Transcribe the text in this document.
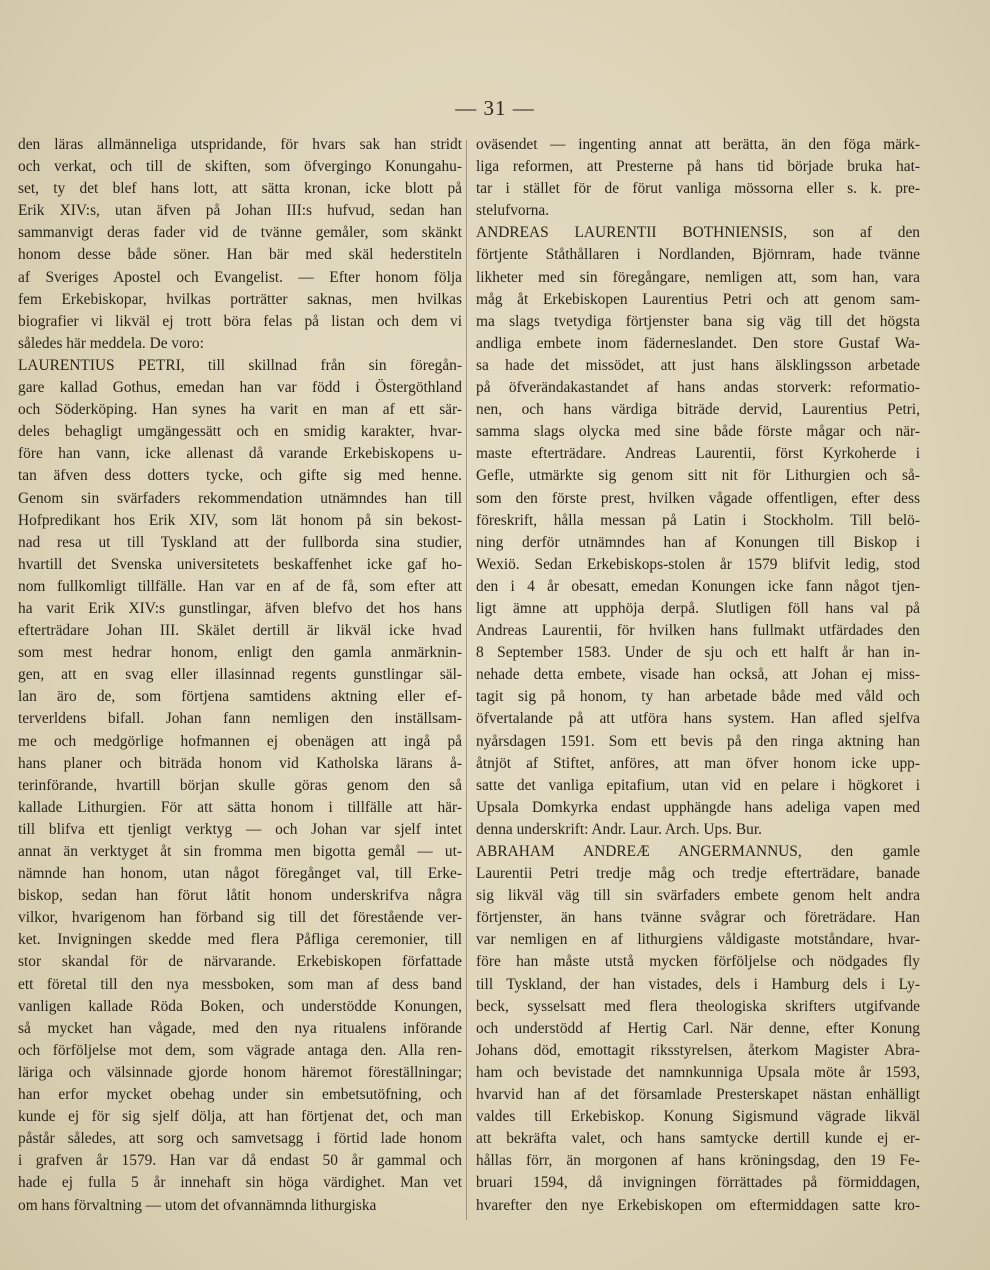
— 31 —
den läras allmänneliga utspridande, för hvars sak han stridt
och verkat, och till de skiften, som öfvergingo Konungahu-
set, ty det blef hans lott, att sätta kronan, icke blott på
Erik XIV:s, utan äfven på Johan III:s hufvud, sedan han
sammanvigt deras fader vid de tvänne gemåler, som skänkt
honom desse både söner. Han bär med skäl hederstiteln
af Sveriges Apostel och Evangelist. — Efter honom följa
fem Erkebiskopar, hvilkas porträtter saknas, men hvilkas
biografier vi likväl ej trott böra felas på listan och dem vi
således här meddela. De voro:
LAURENTIUS PETRI, till skillnad från sin föregån-
gare kallad Gothus, emedan han var född i Östergöthland
och Söderköping. Han synes ha varit en man af ett sär-
deles behagligt umgängessätt och en smidig karakter, hvar-
före han vann, icke allenast då varande Erkebiskopens u-
tan äfven dess dotters tycke, och gifte sig med henne.
Genom sin svärfaders rekommendation utnämndes han till
Hofpredikant hos Erik XIV, som lät honom på sin bekost-
nad resa ut till Tyskland att der fullborda sina studier,
hvartill det Svenska universitetets beskaffenhet icke gaf ho-
nom fullkomligt tillfälle. Han var en af de få, som efter att
ha varit Erik XIV:s gunstlingar, äfven blefvo det hos hans
efterträdare Johan III. Skälet dertill är likväl icke hvad
som mest hedrar honom, enligt den gamla anmärknin-
gen, att en svag eller illasinnad regents gunstlingar säl-
lan äro de, som förtjena samtidens aktning eller ef-
terverldens bifall. Johan fann nemligen den inställsam-
me och medgörlige hofmannen ej obenägen att ingå på
hans planer och biträda honom vid Katholska lärans å-
terinförande, hvartill början skulle göras genom den så
kallade Lithurgien. För att sätta honom i tillfälle att här-
till blifva ett tjenligt verktyg — och Johan var sjelf intet
annat än verktyget åt sin fromma men bigotta gemål — ut-
nämnde han honom, utan något föregånget val, till Erke-
biskop, sedan han förut låtit honom underskrifva några
vilkor, hvarigenom han förband sig till det förestående ver-
ket. Invigningen skedde med flera Påfliga ceremonier, till
stor skandal för de närvarande. Erkebiskopen författade
ett företal till den nya messboken, som man af dess band
vanligen kallade Röda Boken, och understödde Konungen,
så mycket han vågade, med den nya ritualens införande
och förföljelse mot dem, som vägrade antaga den. Alla ren-
läriga och välsinnade gjorde honom häremot föreställningar;
han erfor mycket obehag under sin embetsutöfning, och
kunde ej för sig sjelf dölja, att han förtjenat det, och man
påstår således, att sorg och samvetsagg i förtid lade honom
i grafven år 1579. Han var då endast 50 år gammal och
hade ej fulla 5 år innehaft sin höga värdighet. Man vet
om hans förvaltning — utom det ofvannämnda lithurgiska
oväsendet — ingenting annat att berätta, än den föga märk-
liga reformen, att Presterne på hans tid började bruka hat-
tar i stället för de förut vanliga mössorna eller s. k. pre-
stelufvorna.
ANDREAS LAURENTII BOTHNIENSIS, son af den
förtjente Ståthållaren i Nordlanden, Björnram, hade tvänne
likheter med sin föregångare, nemligen att, som han, vara
måg åt Erkebiskopen Laurentius Petri och att genom sam-
ma slags tvetydiga förtjenster bana sig väg till det högsta
andliga embete inom fäderneslandet. Den store Gustaf Wa-
sa hade det missödet, att just hans älsklingsson arbetade
på öfverändakastandet af hans andas storverk: reformatio-
nen, och hans värdiga biträde dervid, Laurentius Petri,
samma slags olycka med sine både förste mågar och när-
maste efterträdare. Andreas Laurentii, först Kyrkoherde i
Gefle, utmärkte sig genom sitt nit för Lithurgien och så-
som den förste prest, hvilken vågade offentligen, efter dess
föreskrift, hålla messan på Latin i Stockholm. Till belö-
ning derför utnämndes han af Konungen till Biskop i
Wexiö. Sedan Erkebiskops-stolen år 1579 blifvit ledig, stod
den i 4 år obesatt, emedan Konungen icke fann något tjen-
ligt ämne att upphöja derpå. Slutligen föll hans val på
Andreas Laurentii, för hvilken hans fullmakt utfärdades den
8 September 1583. Under de sju och ett halft år han in-
nehade detta embete, visade han också, att Johan ej miss-
tagit sig på honom, ty han arbetade både med våld och
öfvertalande på att utföra hans system. Han afled sjelfva
nyårsdagen 1591. Som ett bevis på den ringa aktning han
åtnjöt af Stiftet, anföres, att man öfver honom icke upp-
satte det vanliga epitafium, utan vid en pelare i högkoret i
Upsala Domkyrka endast upphängde hans adeliga vapen med
denna underskrift: Andr. Laur. Arch. Ups. Bur.
ABRAHAM ANDREÆ ANGERMANNUS, den gamle
Laurentii Petri tredje måg och tredje efterträdare, banade
sig likväl väg till sin svärfaders embete genom helt andra
förtjenster, än hans tvänne svågrar och företrädare. Han
var nemligen en af lithurgiens våldigaste motståndare, hvar-
före han måste utstå mycken förföljelse och nödgades fly
till Tyskland, der han vistades, dels i Hamburg dels i Ly-
beck, sysselsatt med flera theologiska skrifters utgifvande
och understödd af Hertig Carl. När denne, efter Konung
Johans död, emottagit riksstyrelsen, återkom Magister Abra-
ham och bevistade det namnkunniga Upsala möte år 1593,
hvarvid han af det församlade Presterskapet nästan enhälligt
valdes till Erkebiskop. Konung Sigismund vägrade likväl
att bekräfta valet, och hans samtycke dertill kunde ej er-
hållas förr, än morgonen af hans kröningsdag, den 19 Fe-
bruari 1594, då invigningen förrättades på förmiddagen,
hvarefter den nye Erkebiskopen om eftermiddagen satte kro-
